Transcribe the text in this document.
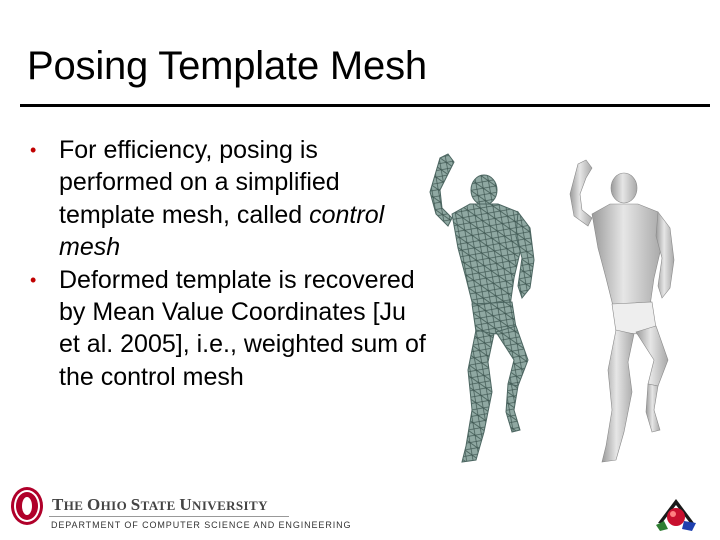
Posing Template Mesh
• For efficiency, posing is performed on a simplified template mesh, called control mesh
• Deformed template is recovered by Mean Value Coordinates [Ju et al. 2005], i.e., weighted sum of the control mesh
THE OHIO STATE UNIVERSITY
DEPARTMENT OF COMPUTER SCIENCE AND ENGINEERING
